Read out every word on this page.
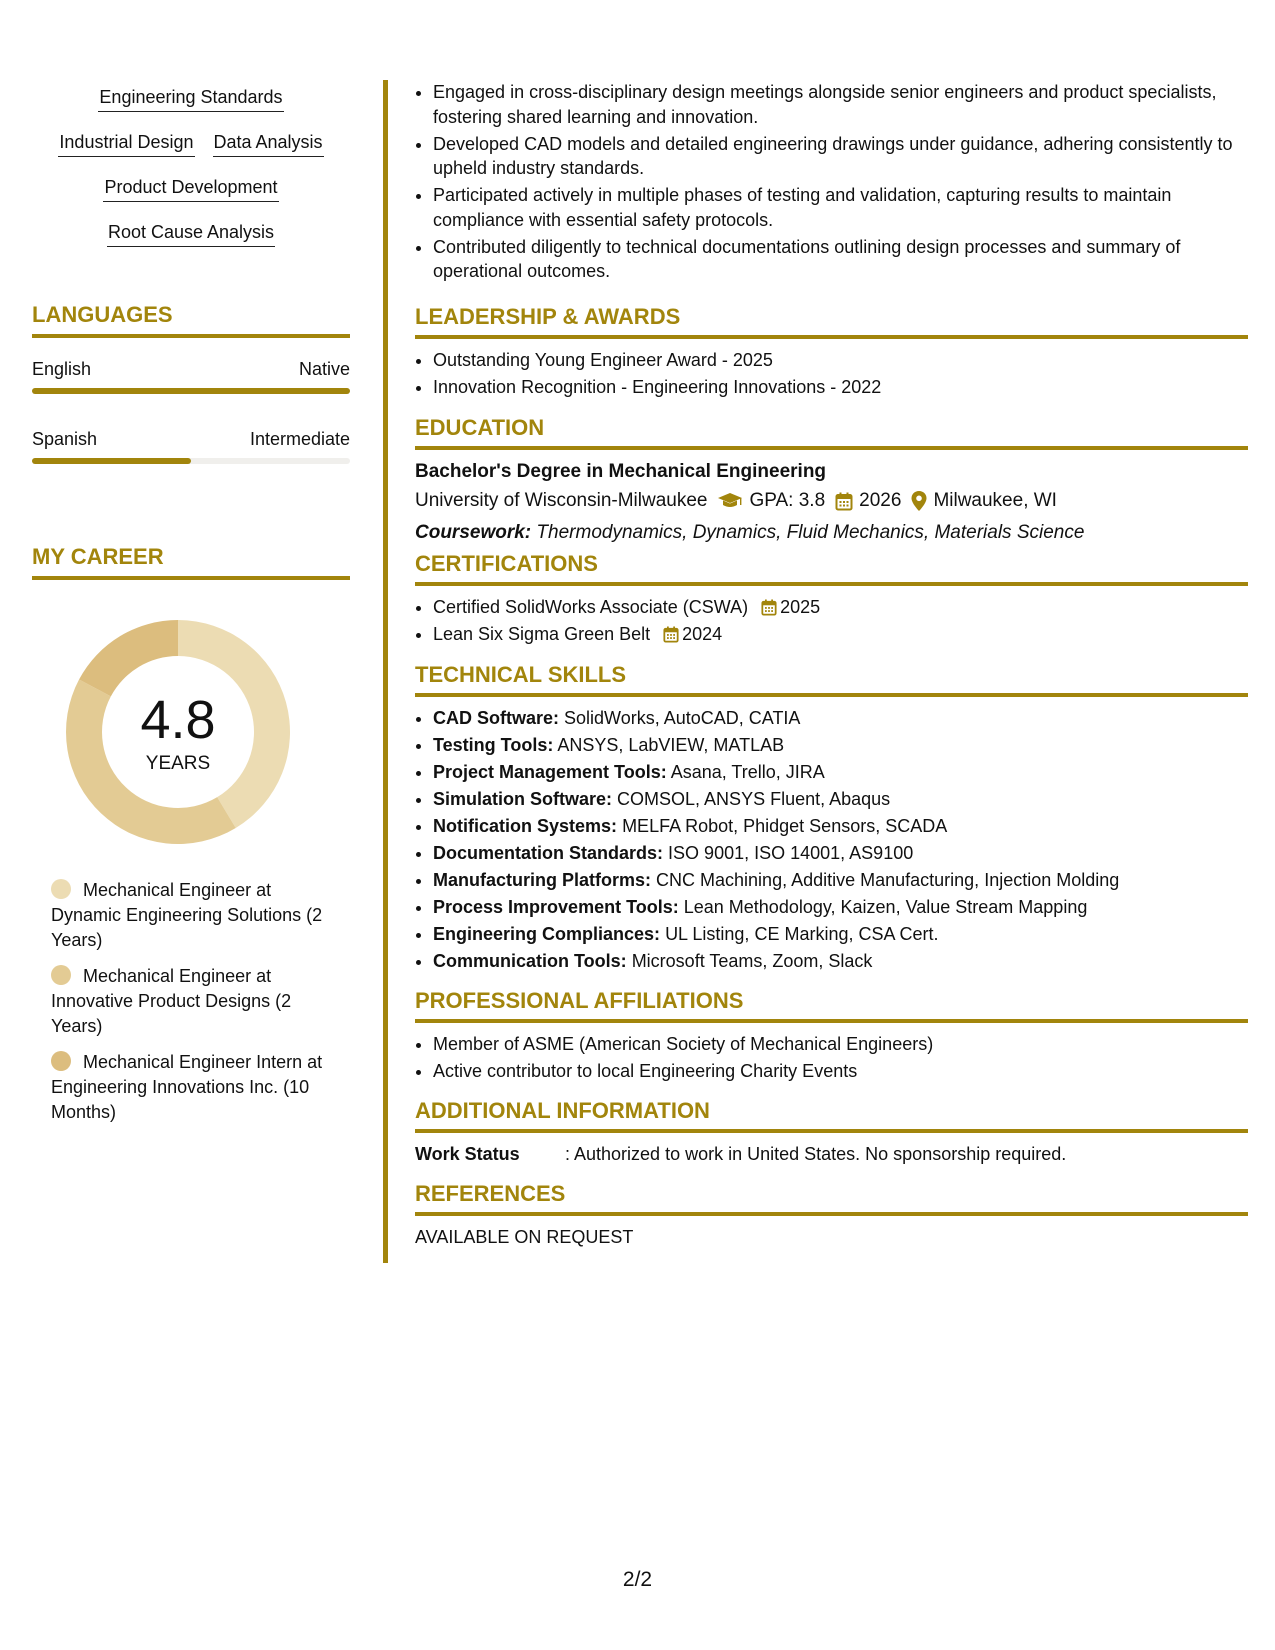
Engineering Standards
Industrial Design Data Analysis
Product Development
Root Cause Analysis
LANGUAGES
English	Native
Spanish	Intermediate
MY CAREER
4.8
YEARS
Mechanical Engineer at Dynamic Engineering Solutions (2 Years)
Mechanical Engineer at Innovative Product Designs (2 Years)
Mechanical Engineer Intern at Engineering Innovations Inc. (10 Months)
• Engaged in cross-disciplinary design meetings alongside senior engineers and product specialists, fostering shared learning and innovation.
• Developed CAD models and detailed engineering drawings under guidance, adhering consistently to upheld industry standards.
• Participated actively in multiple phases of testing and validation, capturing results to maintain compliance with essential safety protocols.
• Contributed diligently to technical documentations outlining design processes and summary of operational outcomes.
LEADERSHIP & AWARDS
• Outstanding Young Engineer Award - 2025
• Innovation Recognition - Engineering Innovations - 2022
EDUCATION
Bachelor's Degree in Mechanical Engineering
University of Wisconsin-Milwaukee GPA: 3.8 2026 Milwaukee, WI
Coursework: Thermodynamics, Dynamics, Fluid Mechanics, Materials Science
CERTIFICATIONS
• Certified SolidWorks Associate (CSWA) 2025
• Lean Six Sigma Green Belt 2024
TECHNICAL SKILLS
• CAD Software: SolidWorks, AutoCAD, CATIA
• Testing Tools: ANSYS, LabVIEW, MATLAB
• Project Management Tools: Asana, Trello, JIRA
• Simulation Software: COMSOL, ANSYS Fluent, Abaqus
• Notification Systems: MELFA Robot, Phidget Sensors, SCADA
• Documentation Standards: ISO 9001, ISO 14001, AS9100
• Manufacturing Platforms: CNC Machining, Additive Manufacturing, Injection Molding
• Process Improvement Tools: Lean Methodology, Kaizen, Value Stream Mapping
• Engineering Compliances: UL Listing, CE Marking, CSA Cert.
• Communication Tools: Microsoft Teams, Zoom, Slack
PROFESSIONAL AFFILIATIONS
• Member of ASME (American Society of Mechanical Engineers)
• Active contributor to local Engineering Charity Events
ADDITIONAL INFORMATION
Work Status	: Authorized to work in United States. No sponsorship required.
REFERENCES
AVAILABLE ON REQUEST
2/2
